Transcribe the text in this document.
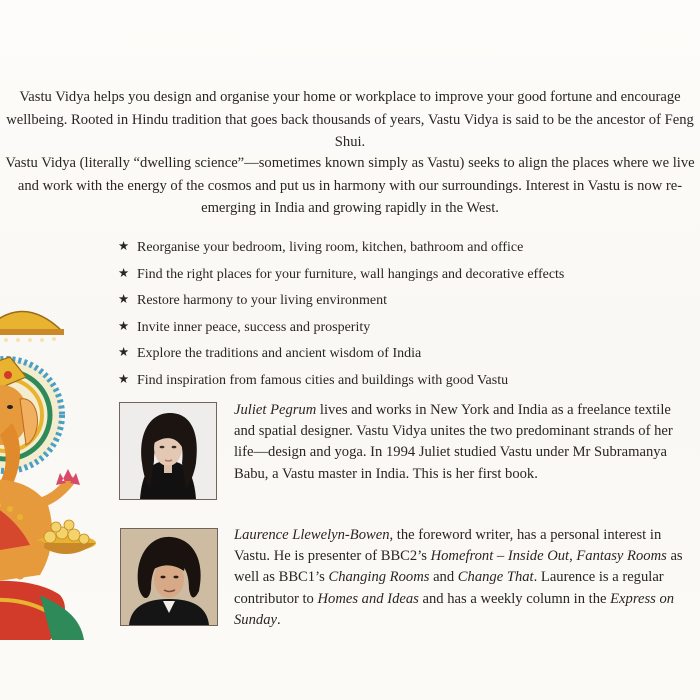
Vastu Vidya helps you design and organise your home or workplace to improve your good fortune and encourage wellbeing. Rooted in Hindu tradition that goes back thousands of years, Vastu Vidya is said to be the ancestor of Feng Shui.

Vastu Vidya (literally “dwelling science”—sometimes known simply as Vastu) seeks to align the places where we live and work with the energy of the cosmos and put us in harmony with our surroundings. Interest in Vastu is now re-emerging in India and growing rapidly in the West.

★ Reorganise your bedroom, living room, kitchen, bathroom and office
★ Find the right places for your furniture, wall hangings and decorative effects
★ Restore harmony to your living environment
★ Invite inner peace, success and prosperity
★ Explore the traditions and ancient wisdom of India
★ Find inspiration from famous cities and buildings with good Vastu

Juliet Pegrum lives and works in New York and India as a freelance textile and spatial designer. Vastu Vidya unites the two predominant strands of her life—design and yoga. In 1994 Juliet studied Vastu under Mr Subramanya Babu, a Vastu master in India. This is her first book.

Laurence Llewelyn-Bowen, the foreword writer, has a personal interest in Vastu. He is presenter of BBC2’s Homefront – Inside Out, Fantasy Rooms as well as BBC1’s Changing Rooms and Change That. Laurence is a regular contributor to Homes and Ideas and has a weekly column in the Express on Sunday.
